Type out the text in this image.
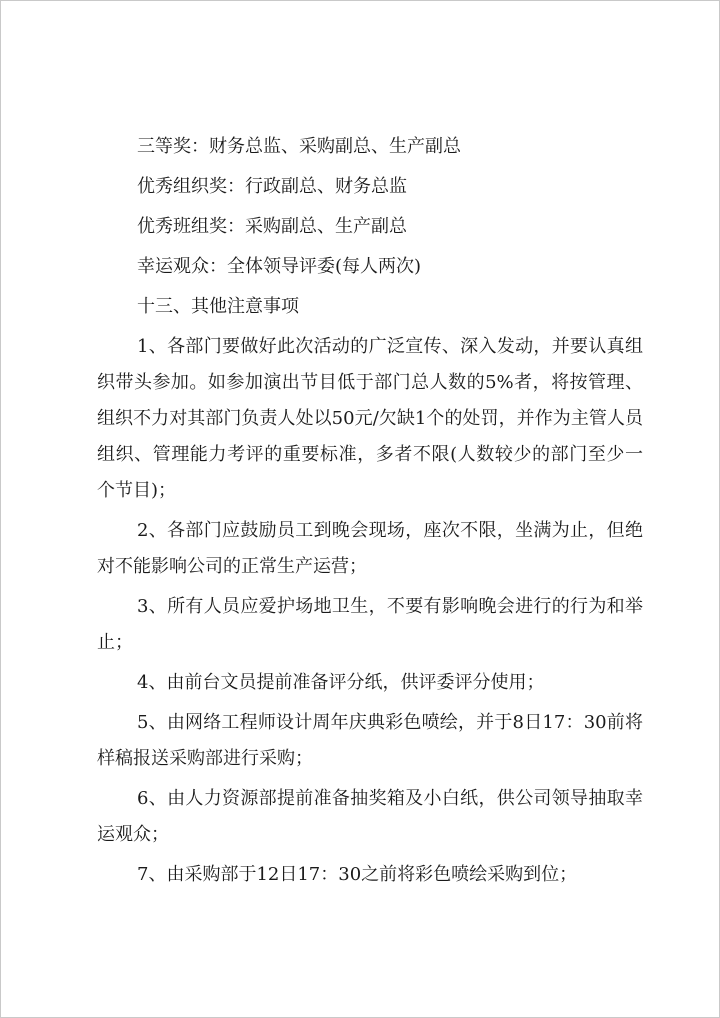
三等奖：财务总监、采购副总、生产副总

优秀组织奖：行政副总、财务总监

优秀班组奖：采购副总、生产副总

幸运观众：全体领导评委(每人两次)

十三、其他注意事项

1、各部门要做好此次活动的广泛宣传、深入发动，并要认真组织带头参加。如参加演出节目低于部门总人数的5%者，将按管理、组织不力对其部门负责人处以50元/欠缺1个的处罚，并作为主管人员组织、管理能力考评的重要标准，多者不限(人数较少的部门至少一个节目)；

2、各部门应鼓励员工到晚会现场，座次不限，坐满为止，但绝对不能影响公司的正常生产运营；

3、所有人员应爱护场地卫生，不要有影响晚会进行的行为和举止；

4、由前台文员提前准备评分纸，供评委评分使用；

5、由网络工程师设计周年庆典彩色喷绘，并于8日17：30前将样稿报送采购部进行采购；

6、由人力资源部提前准备抽奖箱及小白纸，供公司领导抽取幸运观众；

7、由采购部于12日17：30之前将彩色喷绘采购到位；
